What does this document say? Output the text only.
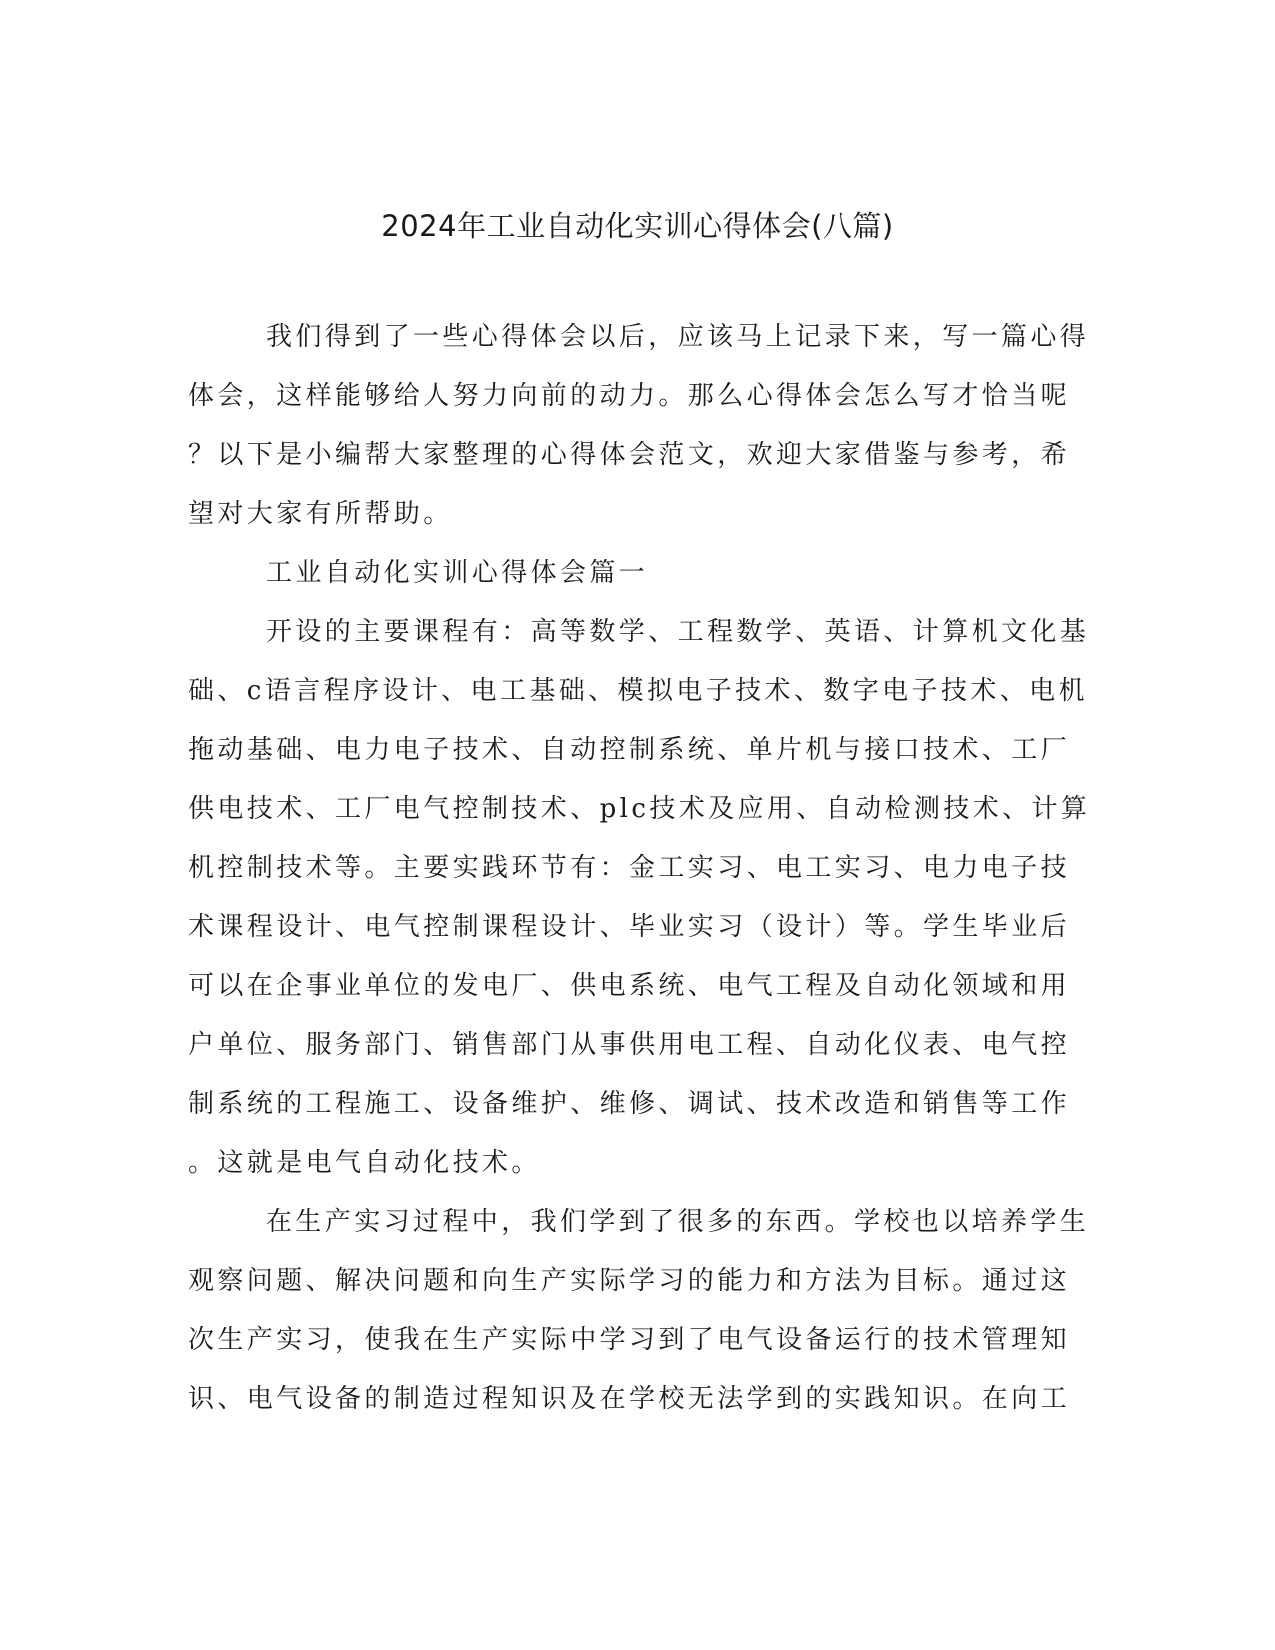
2024年工业自动化实训心得体会(八篇)
我们得到了一些心得体会以后，应该马上记录下来，写一篇心得
体会，这样能够给人努力向前的动力。那么心得体会怎么写才恰当呢
？以下是小编帮大家整理的心得体会范文，欢迎大家借鉴与参考，希
望对大家有所帮助。
工业自动化实训心得体会篇一
开设的主要课程有：高等数学、工程数学、英语、计算机文化基
础、c语言程序设计、电工基础、模拟电子技术、数字电子技术、电机
拖动基础、电力电子技术、自动控制系统、单片机与接口技术、工厂
供电技术、工厂电气控制技术、plc技术及应用、自动检测技术、计算
机控制技术等。主要实践环节有：金工实习、电工实习、电力电子技
术课程设计、电气控制课程设计、毕业实习（设计）等。学生毕业后
可以在企事业单位的发电厂、供电系统、电气工程及自动化领域和用
户单位、服务部门、销售部门从事供用电工程、自动化仪表、电气控
制系统的工程施工、设备维护、维修、调试、技术改造和销售等工作
。这就是电气自动化技术。
在生产实习过程中，我们学到了很多的东西。学校也以培养学生
观察问题、解决问题和向生产实际学习的能力和方法为目标。通过这
次生产实习，使我在生产实际中学习到了电气设备运行的技术管理知
识、电气设备的制造过程知识及在学校无法学到的实践知识。在向工
